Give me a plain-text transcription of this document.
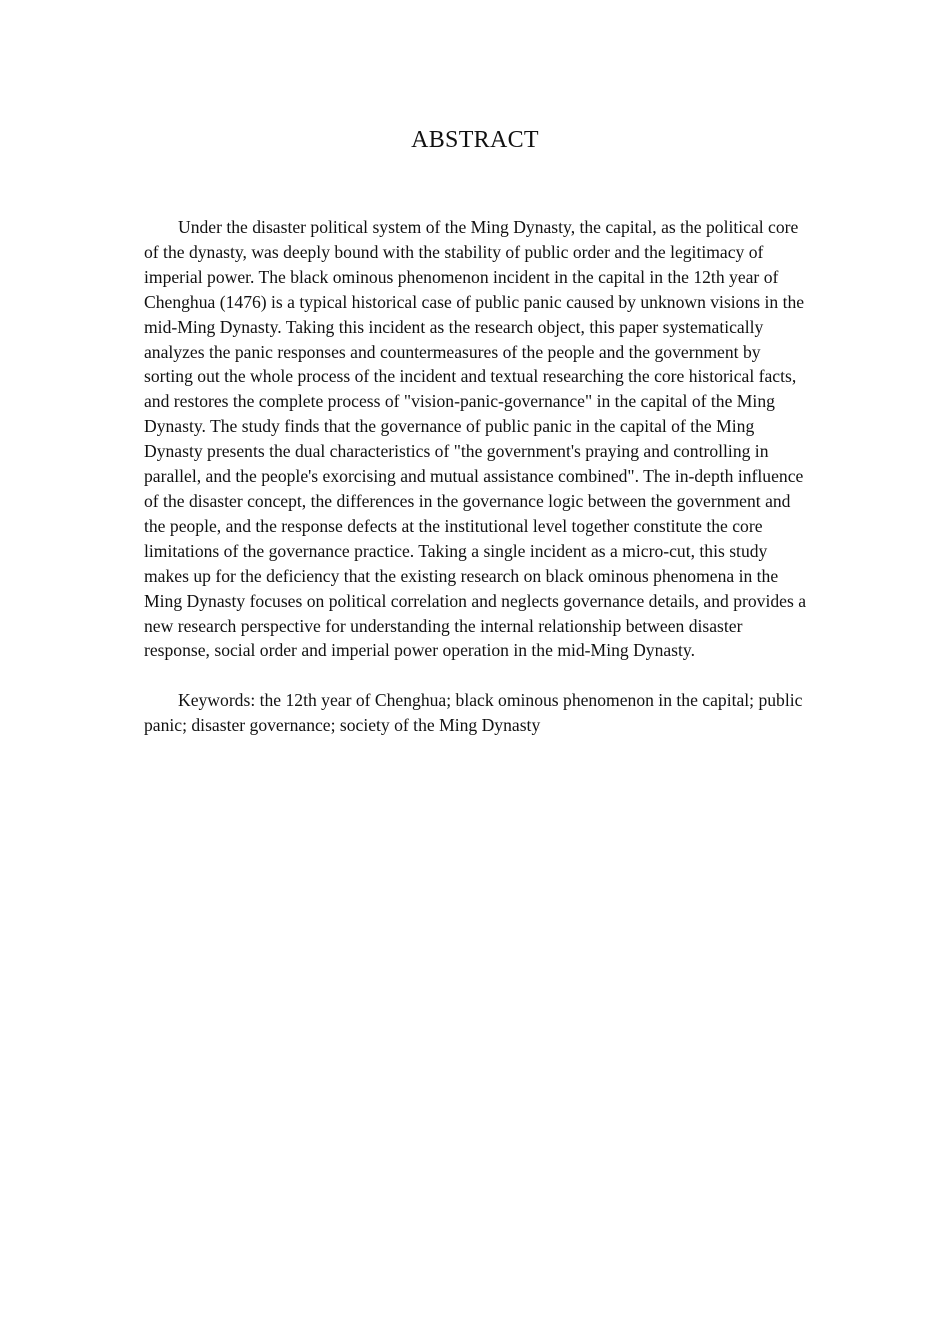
ABSTRACT

Under the disaster political system of the Ming Dynasty, the capital, as the political core of the dynasty, was deeply bound with the stability of public order and the legitimacy of imperial power. The black ominous phenomenon incident in the capital in the 12th year of Chenghua (1476) is a typical historical case of public panic caused by unknown visions in the mid-Ming Dynasty. Taking this incident as the research object, this paper systematically analyzes the panic responses and countermeasures of the people and the government by sorting out the whole process of the incident and textual researching the core historical facts, and restores the complete process of "vision-panic-governance" in the capital of the Ming Dynasty. The study finds that the governance of public panic in the capital of the Ming Dynasty presents the dual characteristics of "the government's praying and controlling in parallel, and the people's exorcising and mutual assistance combined". The in-depth influence of the disaster concept, the differences in the governance logic between the government and the people, and the response defects at the institutional level together constitute the core limitations of the governance practice. Taking a single incident as a micro-cut, this study makes up for the deficiency that the existing research on black ominous phenomena in the Ming Dynasty focuses on political correlation and neglects governance details, and provides a new research perspective for understanding the internal relationship between disaster response, social order and imperial power operation in the mid-Ming Dynasty.

Keywords: the 12th year of Chenghua; black ominous phenomenon in the capital; public panic; disaster governance; society of the Ming Dynasty
